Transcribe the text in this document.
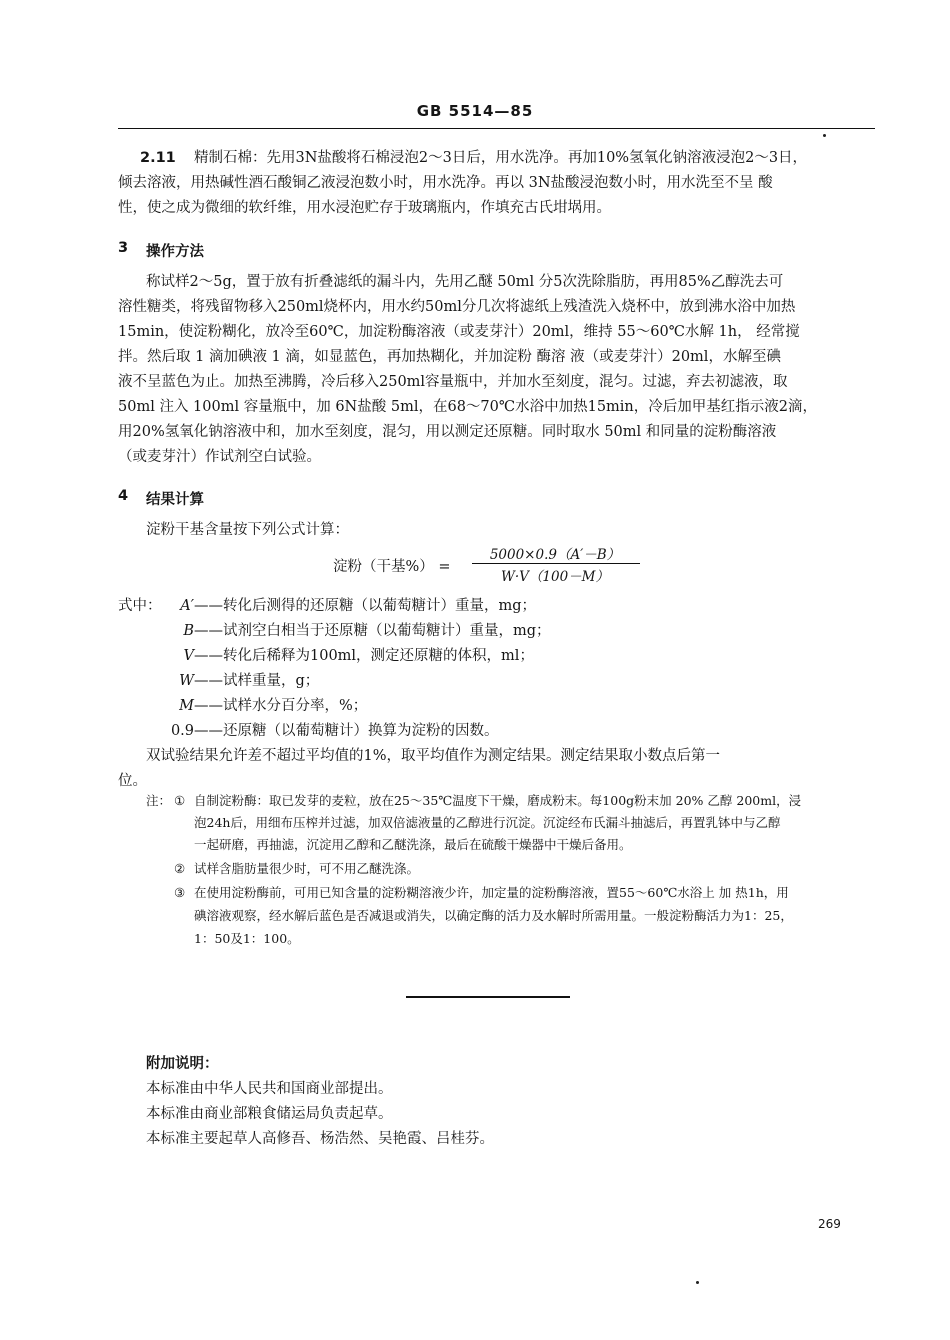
GB 5514—85
2.11 精制石棉：先用3N盐酸将石棉浸泡2～3日后，用水洗净。再加10%氢氧化钠溶液浸泡2～3日，
倾去溶液，用热碱性酒石酸铜乙液浸泡数小时，用水洗净。再以 3N盐酸浸泡数小时，用水洗至不呈 酸
性，使之成为微细的软纤维，用水浸泡贮存于玻璃瓶内，作填充古氏坩埚用。
3 操作方法
称试样2～5g，置于放有折叠滤纸的漏斗内，先用乙醚 50ml 分5次洗除脂肪，再用85%乙醇洗去可
溶性糖类，将残留物移入250ml烧杯内，用水约50ml分几次将滤纸上残渣洗入烧杯中，放到沸水浴中加热
15min，使淀粉糊化，放冷至60℃，加淀粉酶溶液（或麦芽汁）20ml，维持 55～60℃水解 1h， 经常搅
拌。然后取 1 滴加碘液 1 滴，如显蓝色，再加热糊化，并加淀粉 酶溶 液（或麦芽汁）20ml，水解至碘
液不呈蓝色为止。加热至沸腾，冷后移入250ml容量瓶中，并加水至刻度，混匀。过滤，弃去初滤液，取
50ml 注入 100ml 容量瓶中，加 6N盐酸 5ml，在68～70℃水浴中加热15min，冷后加甲基红指示液2滴，
用20%氢氧化钠溶液中和，加水至刻度，混匀，用以测定还原糖。同时取水 50ml 和同量的淀粉酶溶液
（或麦芽汁）作试剂空白试验。
4 结果计算
淀粉干基含量按下列公式计算：
淀粉（干基%） =
5000×0.9（A′－B）
W·V（100－M）
式中：	A′ ——转化后测得的还原糖（以葡萄糖计）重量，mg；
B ——试剂空白相当于还原糖（以葡萄糖计）重量，mg；
V ——转化后稀释为100ml，测定还原糖的体积，ml；
W ——试样重量，g；
M ——试样水分百分率，%；
0.9 ——还原糖（以葡萄糖计）换算为淀粉的因数。
双试验结果允许差不超过平均值的1%，取平均值作为测定结果。测定结果取小数点后第一
位。
注： ① 自制淀粉酶：取已发芽的麦粒，放在25～35℃温度下干燥，磨成粉末。每100g粉末加 20% 乙醇 200ml，浸
泡24h后，用细布压榨并过滤，加双倍滤液量的乙醇进行沉淀。沉淀经布氏漏斗抽滤后，再置乳钵中与乙醇
一起研磨，再抽滤，沉淀用乙醇和乙醚洗涤，最后在硫酸干燥器中干燥后备用。
② 试样含脂肪量很少时，可不用乙醚洗涤。
③ 在使用淀粉酶前，可用已知含量的淀粉糊溶液少许，加定量的淀粉酶溶液，置55～60℃水浴上 加 热1h，用
碘溶液观察，经水解后蓝色是否减退或消失，以确定酶的活力及水解时所需用量。一般淀粉酶活力为1：25，
1：50及1：100。
附加说明：
本标准由中华人民共和国商业部提出。
本标准由商业部粮食储运局负责起草。
本标准主要起草人高修吾、杨浩然、吴艳霞、吕桂芬。
269
